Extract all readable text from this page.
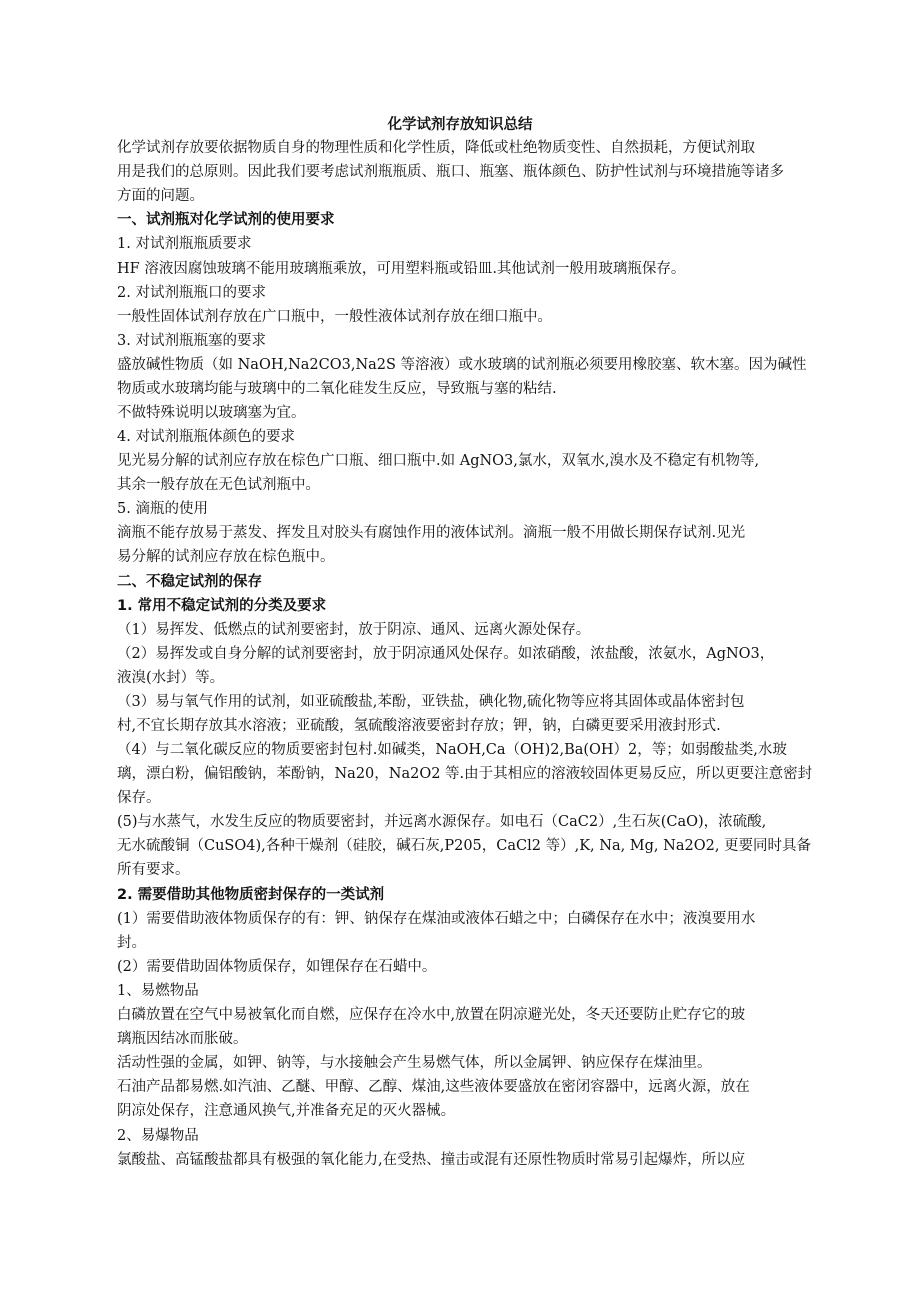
化学试剂存放知识总结
化学试剂存放要依据物质自身的物理性质和化学性质，降低或杜绝物质变性、自然损耗，方便试剂取
用是我们的总原则。因此我们要考虑试剂瓶瓶质、瓶口、瓶塞、瓶体颜色、防护性试剂与环境措施等诸多
方面的问题。
一、试剂瓶对化学试剂的使用要求
1. 对试剂瓶瓶质要求
HF 溶液因腐蚀玻璃不能用玻璃瓶乘放，可用塑料瓶或铅皿.其他试剂一般用玻璃瓶保存。
2. 对试剂瓶瓶口的要求
一般性固体试剂存放在广口瓶中，一般性液体试剂存放在细口瓶中。
3. 对试剂瓶瓶塞的要求
盛放碱性物质（如 NaOH,Na2CO3,Na2S 等溶液）或水玻璃的试剂瓶必须要用橡胶塞、软木塞。因为碱性
物质或水玻璃均能与玻璃中的二氧化硅发生反应，导致瓶与塞的粘结.
不做特殊说明以玻璃塞为宜。
4. 对试剂瓶瓶体颜色的要求
见光易分解的试剂应存放在棕色广口瓶、细口瓶中.如 AgNO3,氯水，双氧水,溴水及不稳定有机物等,
其余一般存放在无色试剂瓶中。
5. 滴瓶的使用
滴瓶不能存放易于蒸发、挥发且对胶头有腐蚀作用的液体试剂。滴瓶一般不用做长期保存试剂.见光
易分解的试剂应存放在棕色瓶中。
二、不稳定试剂的保存
1. 常用不稳定试剂的分类及要求
（1）易挥发、低燃点的试剂要密封，放于阴凉、通风、远离火源处保存。
（2）易挥发或自身分解的试剂要密封，放于阴凉通风处保存。如浓硝酸，浓盐酸，浓氨水，AgNO3，
液溴(水封）等。
（3）易与氧气作用的试剂，如亚硫酸盐,苯酚，亚铁盐，碘化物,硫化物等应将其固体或晶体密封包
村,不宜长期存放其水溶液；亚硫酸，氢硫酸溶液要密封存放；钾，钠，白磷更要采用液封形式.
（4）与二氧化碳反应的物质要密封包村.如碱类，NaOH,Ca（OH)2,Ba(OH）2，等；如弱酸盐类,水玻
璃，漂白粉，偏铝酸钠，苯酚钠，Na20，Na2O2 等.由于其相应的溶液较固体更易反应，所以更要注意密封
保存。
(5)与水蒸气，水发生反应的物质要密封，并远离水源保存。如电石（CaC2）,生石灰(CaO)，浓硫酸,
无水硫酸铜（CuSO4),各种干燥剂（硅胶，碱石灰,P205，CaCl2 等）,K, Na, Mg, Na2O2, 更要同时具备
所有要求。
2. 需要借助其他物质密封保存的一类试剂
(1）需要借助液体物质保存的有：钾、钠保存在煤油或液体石蜡之中；白磷保存在水中；液溴要用水
封。
(2）需要借助固体物质保存，如锂保存在石蜡中。
1、易燃物品
白磷放置在空气中易被氧化而自燃，应保存在冷水中,放置在阴凉避光处，冬天还要防止贮存它的玻
璃瓶因结冰而胀破。
活动性强的金属，如钾、钠等，与水接触会产生易燃气体，所以金属钾、钠应保存在煤油里。
石油产品都易燃.如汽油、乙醚、甲醇、乙醇、煤油,这些液体要盛放在密闭容器中，远离火源，放在
阴凉处保存，注意通风换气,并准备充足的灭火器械。
2、易爆物品
氯酸盐、高锰酸盐都具有极强的氧化能力,在受热、撞击或混有还原性物质时常易引起爆炸，所以应
